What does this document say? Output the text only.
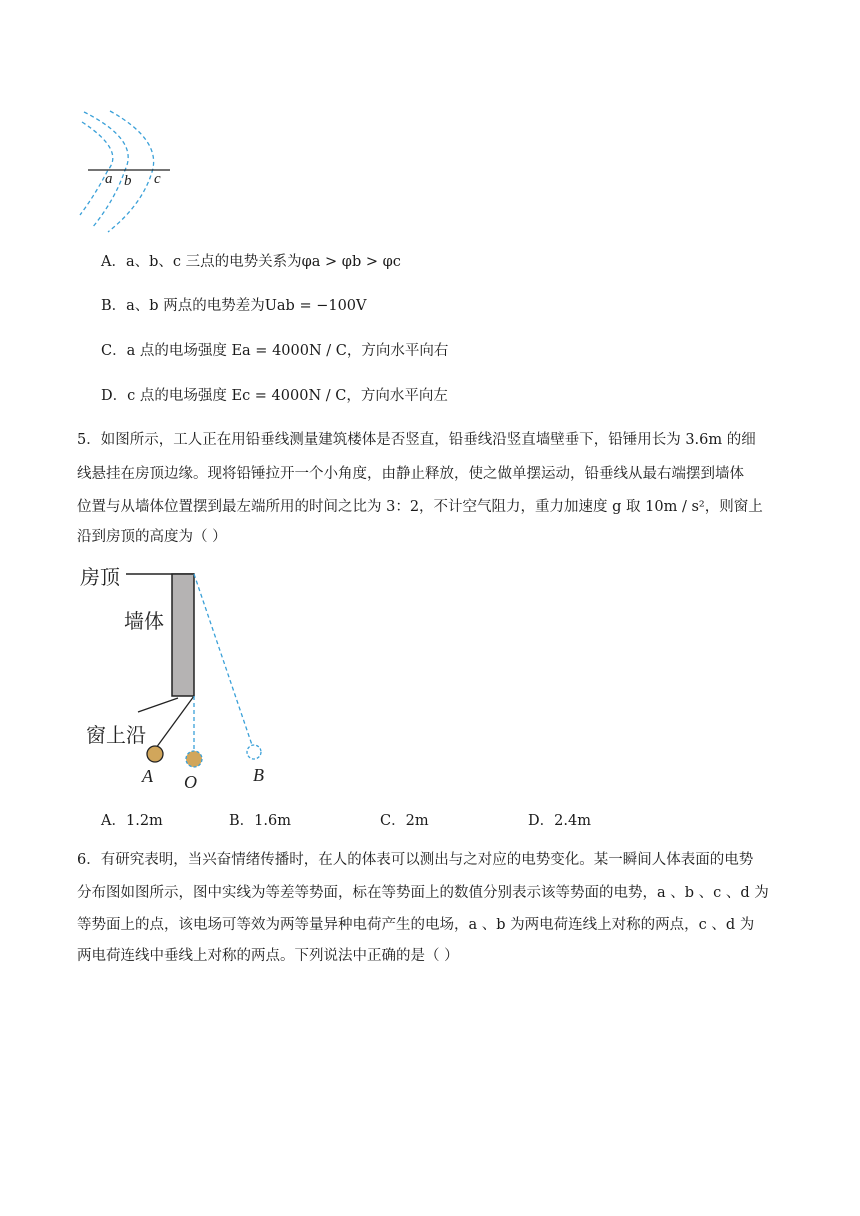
a b c
A．a、b、c 三点的电势关系为φa > φb > φc
B．a、b 两点的电势差为Uab = −100V
C．a 点的电场强度 Ea = 4000N / C，方向水平向右
D．c 点的电场强度 Ec = 4000N / C，方向水平向左
5．如图所示，工人正在用铅垂线测量建筑楼体是否竖直，铅垂线沿竖直墙壁垂下，铅锤用长为 3.6m 的细
线悬挂在房顶边缘。现将铅锤拉开一个小角度，由静止释放，使之做单摆运动，铅垂线从最右端摆到墙体
位置与从墙体位置摆到最左端所用的时间之比为 3：2，不计空气阻力，重力加速度 g 取 10m / s²，则窗上
沿到房顶的高度为（ ）
房顶
墙体
窗上沿
A O	B
A．1.2m	B．1.6m	C．2m	D．2.4m
6．有研究表明，当兴奋情绪传播时，在人的体表可以测出与之对应的电势变化。某一瞬间人体表面的电势
分布图如图所示，图中实线为等差等势面，标在等势面上的数值分别表示该等势面的电势，a 、b 、c 、d 为
等势面上的点，该电场可等效为两等量异种电荷产生的电场，a 、b 为两电荷连线上对称的两点，c 、d 为
两电荷连线中垂线上对称的两点。下列说法中正确的是（ ）
